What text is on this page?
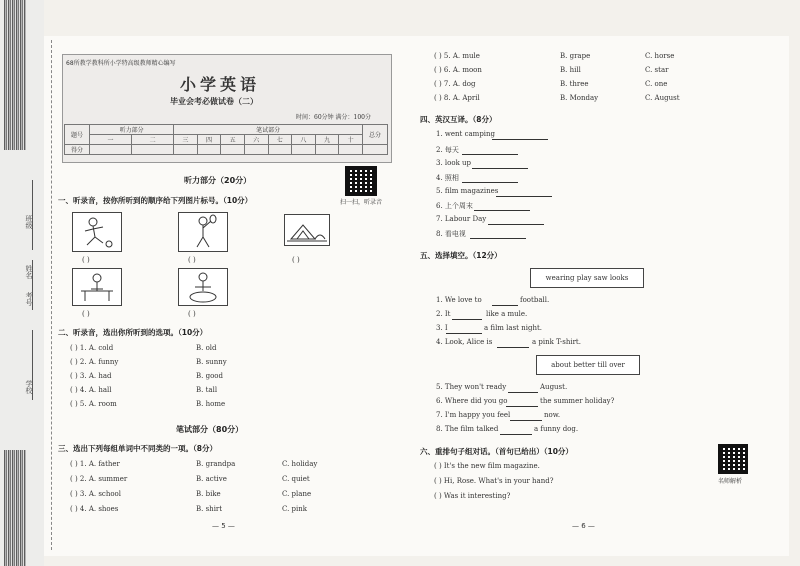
班级
姓名
考号
学校
68所教学教科所小学特高级教师精心编写
小学英语
毕业会考必做试卷（二）
时间：60分钟 满分：100分
题号	听力部分		笔试部分								总分
	一	二	三	四	五	六	七	八	九	十	
得分											
听力部分（20分）
扫一扫，听录音
一、听录音，按你所听到的顺序给下列图片标号。（10分）
( )	( )	( )
( )	( )
二、听录音，选出你所听到的选项。（10分）
( ) 1. A. cold	B. old
( ) 2. A. funny	B. sunny
( ) 3. A. had	B. good
( ) 4. A. hall	B. tall
( ) 5. A. room	B. home
笔试部分（80分）
三、选出下列每组单词中不同类的一项。（8分）
( ) 1. A. father	B. grandpa	C. holiday
( ) 2. A. summer	B. active	C. quiet
( ) 3. A. school	B. bike	C. plane
( ) 4. A. shoes	B. shirt	C. pink
— 5 —
( ) 5. A. mule	B. grape	C. horse
( ) 6. A. moon	B. hill	C. star
( ) 7. A. dog	B. three	C. one
( ) 8. A. April	B. Monday	C. August
四、英汉互译。（8分）
1. went camping
2. 每天
3. look up
4. 照相
5. film magazines
6. 上个周末
7. Labour Day
8. 看电视
五、选择填空。（12分）
wearing play saw looks
1. We love to	football.
2. It	like a mule.
3. I	a film last night.
4. Look, Alice is	a pink T-shirt.
about better till over
5. They won't ready	August.
6. Where did you go	the summer holiday?
7. I'm happy you feel	now.
8. The film talked	a funny dog.
六、重排句子组对话。（首句已给出）（10分）
( ) It's the new film magazine.
( ) Hi, Rose. What's in your hand?
( ) Was it interesting?
名师解析
— 6 —
